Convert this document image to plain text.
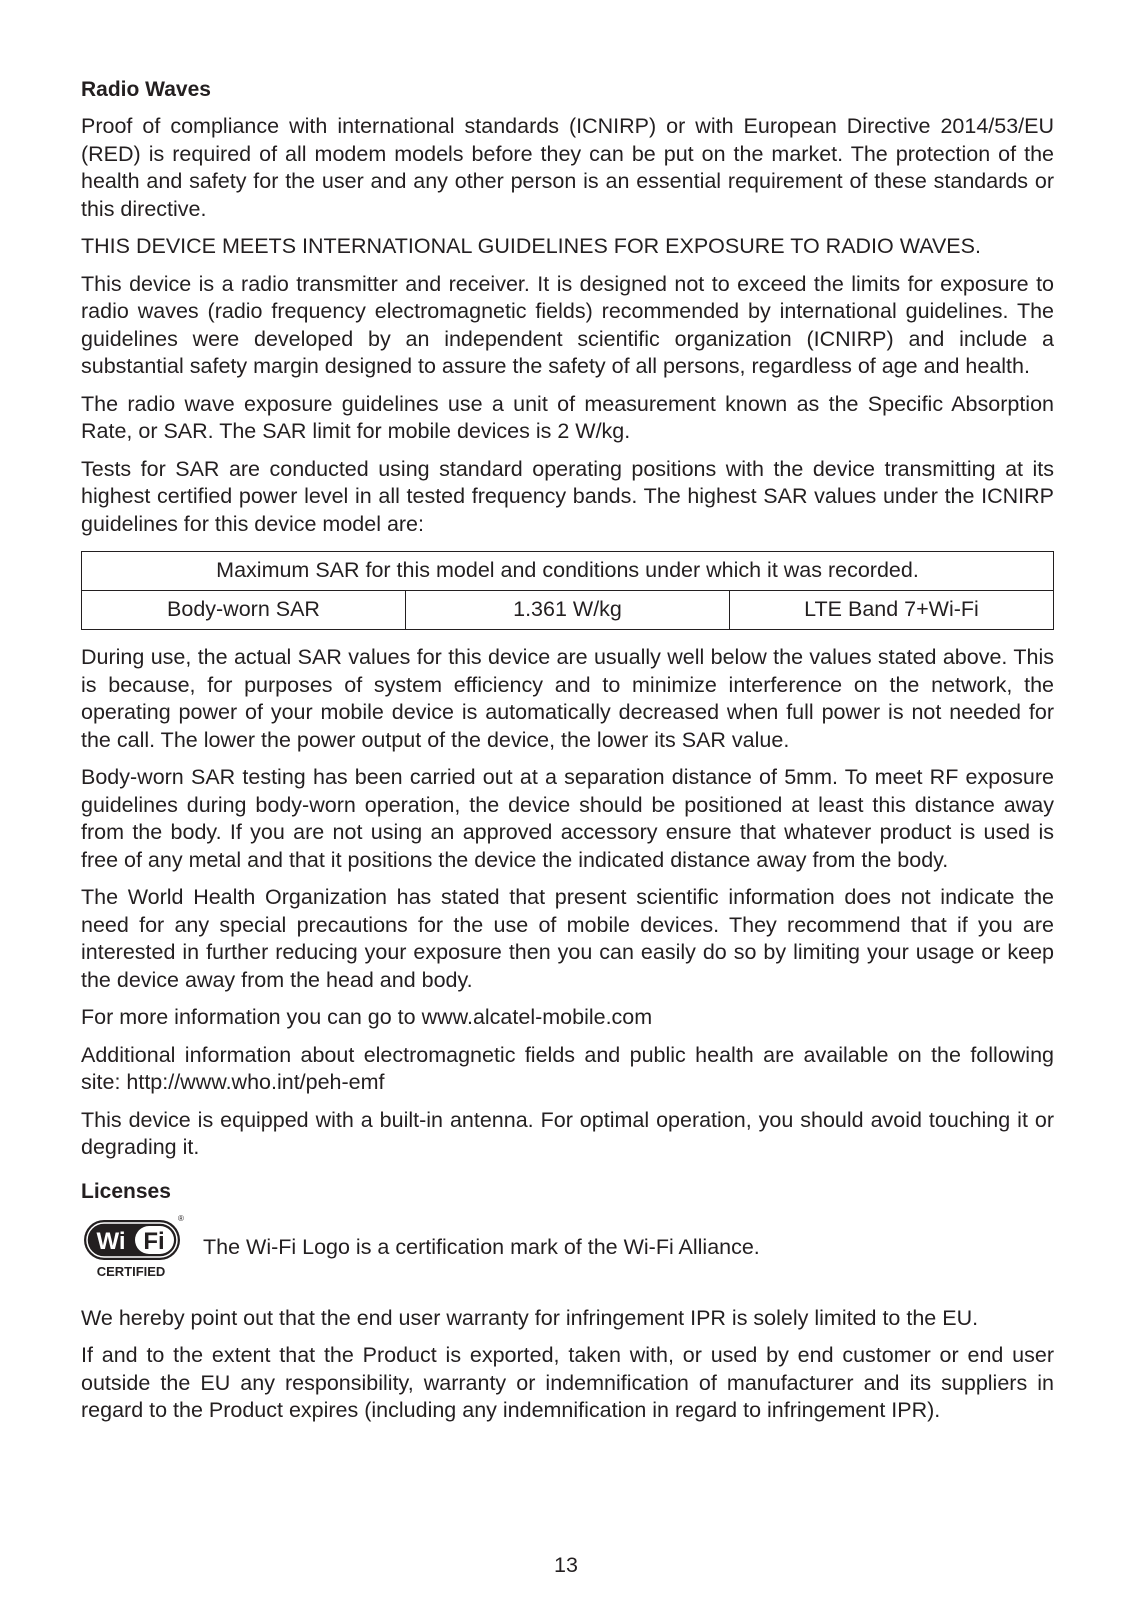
Radio Waves

Proof of compliance with international standards (ICNIRP) or with European Directive 2014/53/EU (RED) is required of all modem models before they can be put on the market. The protection of the health and safety for the user and any other person is an essential requirement of these standards or this directive.

THIS DEVICE MEETS INTERNATIONAL GUIDELINES FOR EXPOSURE TO RADIO WAVES.

This device is a radio transmitter and receiver. It is designed not to exceed the limits for exposure to radio waves (radio frequency electromagnetic fields) recommended by international guidelines. The guidelines were developed by an independent scientific organization (ICNIRP) and include a substantial safety margin designed to assure the safety of all persons, regardless of age and health.

The radio wave exposure guidelines use a unit of measurement known as the Specific Absorption Rate, or SAR. The SAR limit for mobile devices is 2 W/kg.

Tests for SAR are conducted using standard operating positions with the device transmitting at its highest certified power level in all tested frequency bands. The highest SAR values under the ICNIRP guidelines for this device model are:

Maximum SAR for this model and conditions under which it was recorded.
Body-worn SAR	1.361 W/kg	LTE Band 7+Wi-Fi

During use, the actual SAR values for this device are usually well below the values stated above. This is because, for purposes of system efficiency and to minimize interference on the network, the operating power of your mobile device is automatically decreased when full power is not needed for the call. The lower the power output of the device, the lower its SAR value.

Body-worn SAR testing has been carried out at a separation distance of 5mm. To meet RF exposure guidelines during body-worn operation, the device should be positioned at least this distance away from the body. If you are not using an approved accessory ensure that whatever product is used is free of any metal and that it positions the device the indicated distance away from the body.

The World Health Organization has stated that present scientific information does not indicate the need for any special precautions for the use of mobile devices. They recommend that if you are interested in further reducing your exposure then you can easily do so by limiting your usage or keep the device away from the head and body.

For more information you can go to www.alcatel-mobile.com

Additional information about electromagnetic fields and public health are available on the following site: http://www.who.int/peh-emf

This device is equipped with a built-in antenna. For optimal operation, you should avoid touching it or degrading it.

Licenses
Wi Fi
®
CERTIFIED

The Wi-Fi Logo is a certification mark of the Wi-Fi Alliance.

We hereby point out that the end user warranty for infringement IPR is solely limited to the EU.

If and to the extent that the Product is exported, taken with, or used by end customer or end user outside the EU any responsibility, warranty or indemnification of manufacturer and its suppliers in regard to the Product expires (including any indemnification in regard to infringement IPR).

13
